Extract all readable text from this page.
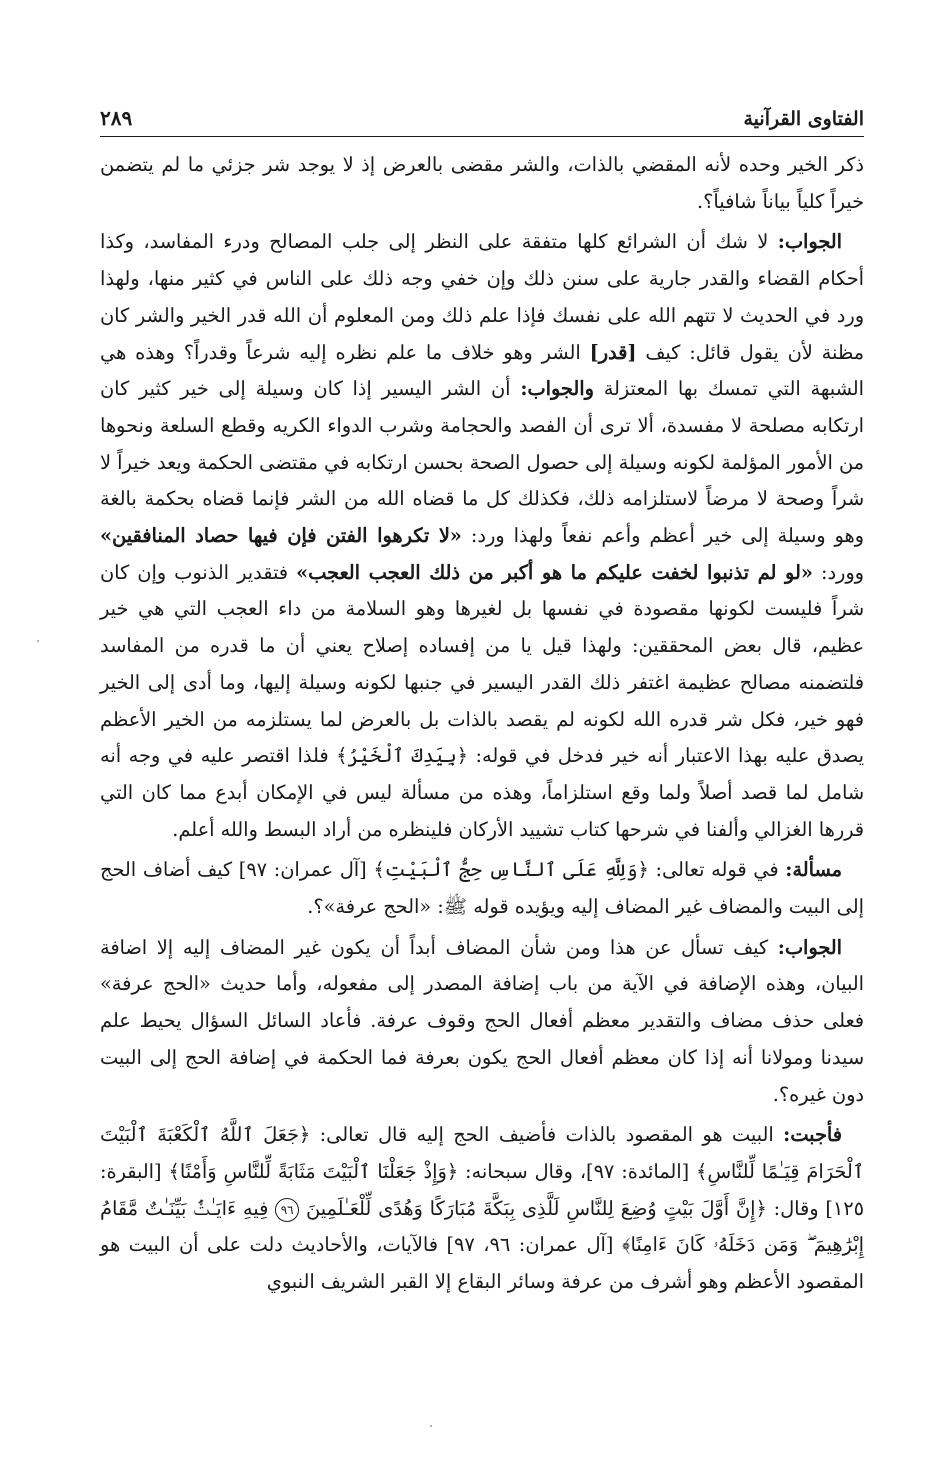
الفتاوى القرآنية
٢٨٩

ذكر الخير وحده لأنه المقضي بالذات، والشر مقضى بالعرض إذ لا يوجد شر جزئي ما لم يتضمن خيراً كلياً بياناً شافياً؟.

الجواب: لا شك أن الشرائع كلها متفقة على النظر إلى جلب المصالح ودرء المفاسد، وكذا أحكام القضاء والقدر جارية على سنن ذلك وإن خفي وجه ذلك على الناس في كثير منها، ولهذا ورد في الحديث لا تتهم الله على نفسك فإذا علم ذلك ومن المعلوم أن الله قدر الخير والشر كان مظنة لأن يقول قائل: كيف [قدر] الشر وهو خلاف ما علم نظره إليه شرعاً وقدراً؟ وهذه هي الشبهة التي تمسك بها المعتزلة والجواب: أن الشر اليسير إذا كان وسيلة إلى خير كثير كان ارتكابه مصلحة لا مفسدة، ألا ترى أن الفصد والحجامة وشرب الدواء الكريه وقطع السلعة ونحوها من الأمور المؤلمة لكونه وسيلة إلى حصول الصحة بحسن ارتكابه في مقتضى الحكمة ويعد خيراً لا شراً وصحة لا مرضاً لاستلزامه ذلك، فكذلك كل ما قضاه الله من الشر فإنما قضاه بحكمة بالغة وهو وسيلة إلى خير أعظم وأعم نفعاً ولهذا ورد: «لا تكرهوا الفتن فإن فيها حصاد المنافقين» وورد: «لو لم تذنبوا لخفت عليكم ما هو أكبر من ذلك العجب العجب» فتقدير الذنوب وإن كان شراً فليست لكونها مقصودة في نفسها بل لغيرها وهو السلامة من داء العجب التي هي خير عظيم، قال بعض المحققين: ولهذا قيل يا من إفساده إصلاح يعني أن ما قدره من المفاسد فلتضمنه مصالح عظيمة اغتفر ذلك القدر اليسير في جنبها لكونه وسيلة إليها، وما أدى إلى الخير فهو خير، فكل شر قدره الله لكونه لم يقصد بالذات بل بالعرض لما يستلزمه من الخير الأعظم يصدق عليه بهذا الاعتبار أنه خير فدخل في قوله: ﴿بِيَدِكَ ٱلْخَيْرُ﴾ فلذا اقتصر عليه في وجه أنه شامل لما قصد أصلاً ولما وقع استلزاماً، وهذه من مسألة ليس في الإمكان أبدع مما كان التي قررها الغزالي وألفنا في شرحها كتاب تشييد الأركان فلينظره من أراد البسط والله أعلم.

مسألة: في قوله تعالى: ﴿وَلِلَّهِ عَلَى ٱلنَّاسِ حِجُّ ٱلْبَيْتِ﴾ [آل عمران: ٩٧] كيف أضاف الحج إلى البيت والمضاف غير المضاف إليه ويؤيده قوله ﷺ: «الحج عرفة»؟.

الجواب: كيف تسأل عن هذا ومن شأن المضاف أبداً أن يكون غير المضاف إليه إلا اضافة البيان، وهذه الإضافة في الآية من باب إضافة المصدر إلى مفعوله، وأما حديث «الحج عرفة» فعلى حذف مضاف والتقدير معظم أفعال الحج وقوف عرفة. فأعاد السائل السؤال يحيط علم سيدنا ومولانا أنه إذا كان معظم أفعال الحج يكون بعرفة فما الحكمة في إضافة الحج إلى البيت دون غيره؟.

فأجبت: البيت هو المقصود بالذات فأضيف الحج إليه قال تعالى: ﴿جَعَلَ ٱللَّهُ ٱلْكَعْبَةَ ٱلْبَيْتَ ٱلْحَرَامَ قِيَـٰمًا لِّلنَّاسِ﴾ [المائدة: ٩٧]، وقال سبحانه: ﴿وَإِذْ جَعَلْنَا ٱلْبَيْتَ مَثَابَةً لِّلنَّاسِ وَأَمْنًا﴾ [البقرة: ١٢٥] وقال: ﴿إِنَّ أَوَّلَ بَيْتٍ وُضِعَ لِلنَّاسِ لَلَّذِى بِبَكَّةَ مُبَارَكًا وَهُدًى لِّلْعَـٰلَمِينَ ٩٦ فِيهِ ءَايَـٰتٌۢ بَيِّنَـٰتٌ مَّقَامُ إِبْرَٰهِيمَ ۖ وَمَن دَخَلَهُۥ كَانَ ءَامِنًا﴾ [آل عمران: ٩٦، ٩٧] فالآيات، والأحاديث دلت على أن البيت هو المقصود الأعظم وهو أشرف من عرفة وسائر البقاع إلا القبر الشريف النبوي
